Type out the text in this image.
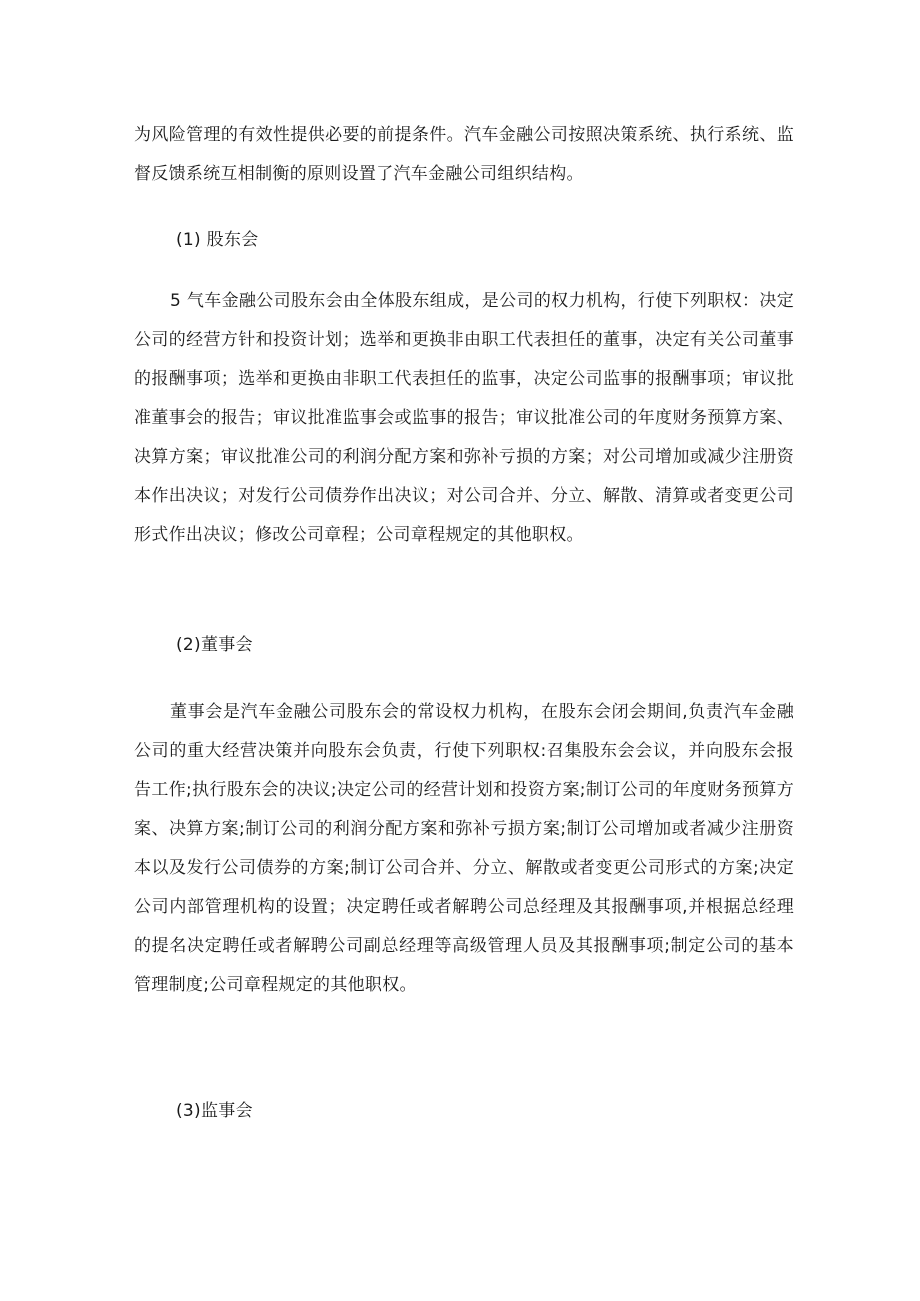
为风险管理的有效性提供必要的前提条件。汽车金融公司按照决策系统、执行系统、监督反馈系统互相制衡的原则设置了汽车金融公司组织结构。

(1) 股东会

5 气车金融公司股东会由全体股东组成，是公司的权力机构，行使下列职权：决定公司的经营方针和投资计划；选举和更换非由职工代表担任的董事，决定有关公司董事的报酬事项；选举和更换由非职工代表担任的监事，决定公司监事的报酬事项；审议批准董事会的报告；审议批准监事会或监事的报告；审议批准公司的年度财务预算方案、决算方案；审议批准公司的利润分配方案和弥补亏损的方案；对公司增加或减少注册资本作出决议；对发行公司债券作出决议；对公司合并、分立、解散、清算或者变更公司形式作出决议；修改公司章程；公司章程规定的其他职权。

(2)董事会

董事会是汽车金融公司股东会的常设权力机构，在股东会闭会期间,负责汽车金融公司的重大经营决策并向股东会负责，行使下列职权:召集股东会会议，并向股东会报告工作;执行股东会的决议;决定公司的经营计划和投资方案;制订公司的年度财务预算方案、决算方案;制订公司的利润分配方案和弥补亏损方案;制订公司增加或者减少注册资本以及发行公司债券的方案;制订公司合并、分立、解散或者变更公司形式的方案;决定公司内部管理机构的设置；决定聘任或者解聘公司总经理及其报酬事项,并根据总经理的提名决定聘任或者解聘公司副总经理等高级管理人员及其报酬事项;制定公司的基本管理制度;公司章程规定的其他职权。

(3)监事会
